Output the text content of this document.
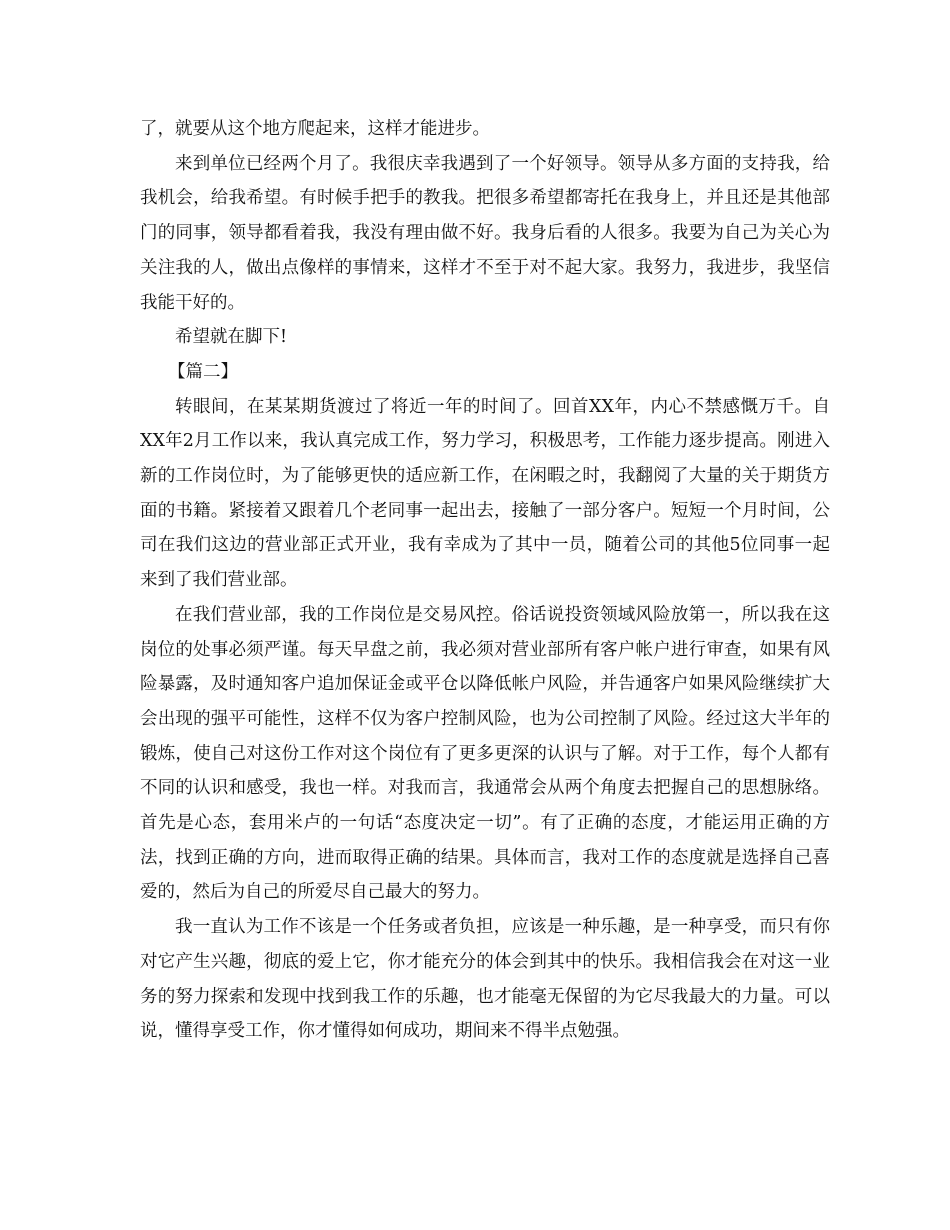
了，就要从这个地方爬起来，这样才能进步。

来到单位已经两个月了。我很庆幸我遇到了一个好领导。领导从多方面的支持我，给我机会，给我希望。有时候手把手的教我。把很多希望都寄托在我身上，并且还是其他部门的同事，领导都看着我，我没有理由做不好。我身后看的人很多。我要为自己为关心为关注我的人，做出点像样的事情来，这样才不至于对不起大家。我努力，我进步，我坚信我能干好的。

希望就在脚下!

【篇二】

转眼间，在某某期货渡过了将近一年的时间了。回首XX年，内心不禁感慨万千。自XX年2月工作以来，我认真完成工作，努力学习，积极思考，工作能力逐步提高。刚进入新的工作岗位时，为了能够更快的适应新工作，在闲暇之时，我翻阅了大量的关于期货方面的书籍。紧接着又跟着几个老同事一起出去，接触了一部分客户。短短一个月时间，公司在我们这边的营业部正式开业，我有幸成为了其中一员，随着公司的其他5位同事一起来到了我们营业部。

在我们营业部，我的工作岗位是交易风控。俗话说投资领域风险放第一，所以我在这岗位的处事必须严谨。每天早盘之前，我必须对营业部所有客户帐户进行审查，如果有风险暴露，及时通知客户追加保证金或平仓以降低帐户风险，并告通客户如果风险继续扩大会出现的强平可能性，这样不仅为客户控制风险，也为公司控制了风险。经过这大半年的锻炼，使自己对这份工作对这个岗位有了更多更深的认识与了解。对于工作，每个人都有不同的认识和感受，我也一样。对我而言，我通常会从两个角度去把握自己的思想脉络。首先是心态，套用米卢的一句话“态度决定一切”。有了正确的态度，才能运用正确的方法，找到正确的方向，进而取得正确的结果。具体而言，我对工作的态度就是选择自己喜爱的，然后为自己的所爱尽自己最大的努力。

我一直认为工作不该是一个任务或者负担，应该是一种乐趣，是一种享受，而只有你对它产生兴趣，彻底的爱上它，你才能充分的体会到其中的快乐。我相信我会在对这一业务的努力探索和发现中找到我工作的乐趣，也才能毫无保留的为它尽我最大的力量。可以说，懂得享受工作，你才懂得如何成功，期间来不得半点勉强。
